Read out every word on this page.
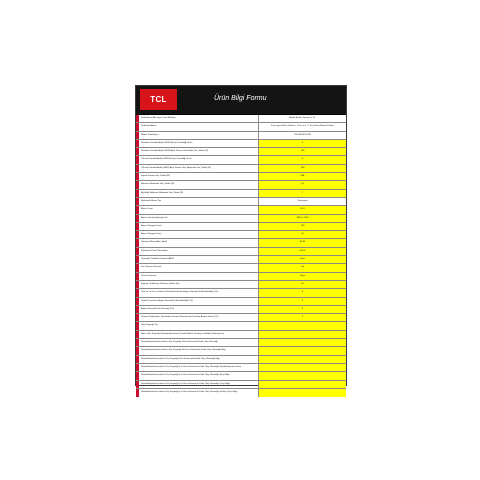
TCL	Ürün Bilgi Formu
Tedarikçinin Adı veya Ticari Markası	Blabla Elektr. Sanayi ve Tic.
Tedarikçi Adresi	Fevzi paşa Mah. Mobil tic. Cad. no:1 / 1 Kat, Baraj Bilmek Fikirler
Model Tanımlayıcı	55C845 MUZ-M1
Standart Dinamik Aralık (SDR) Enerji Verimliliği Sınıfı	F
Standart Dinamik Aralık (SDR) Açık Durum Güç Modu Güç Talebi (W)	108
Yüksek Dinamik Aralık (HDR) Enerji Verimliliği Sınıfı	G
Yüksek Dinamik Aralık (HDR) Açık Durum Güç Modunda Güç Talebi (W)	189
Kapalı Konum Güç Talebi (W)	N/A
Bekleme Modunda Güç Talebi (W)	0,5
Ağ Bağlı Bekleme Modunda Güç Talebi (W)	2
Elektronik Ekran Tipi	Televizyon
Ekran Oranı	16:9
Ekran Çözünürlüğü (piksel)	3840 x 2160
Ekran Köşegeni (cm)	139
Ekran Köşegeni (inç)	55
Görünen Ekran Alanı (dm²)	82,86
Kullanılan Panel Teknolojisi	QLED
Otomatik Parlaklık Kontrolü (ABC)	Evet
Ses Tanıma Sensörü	Yok
Durum Sensörü	Hayır
İmgenin Yenilenme Frekansı (Hertz-Hz)	60
Yazılım ve Ürün Yazılımı Güncellemelerinin Asgari Garantili Kullanılabilirliği (Yıl)	8
Yedek Parçaların Asgari Garantili Kullanılabilirliği (Yıl)	8
Asgari Garantili Ürün Desteği (Yıl)	8
Cihazın Tedarikçiler Tarafından Garanti Kapsamında Sunulan Asgari Süresi (Yıl)	2
Güç Kaynağı Tipi
Harici Güç Kaynağı (Standartlaştırılmış Ürünle Birlikte Verilmişse Birlikte Kullanılması)
Standartlaştırılmamış Harici Güç Kaynağı Ürün Kutusunda Dahil Olup Olmadığı
Standartlaştırılmamış Harici Güç Kaynağı İle Ürün Kutusunda Dahil Olup Olmadığı Bilgi
Standartlaştırılmış Harici Güç Kaynağı Ürün Kutusunda Dahil Olup Olmadığı Bilgi
Standartlaştırılmış Harici Güç Kaynağı İçin Ürün Kutusunun Dahil Olup Olmadığı Standartlaştırma Girişi
Standartlaştırılmış Harici Güç Kaynağı İçin Ürün Kutusunun Dahil Olup Olmadığı Girişi Bilgi
Standartlaştırılmış Harici Güç Kaynağı İçin Ürün Kutusunun Dahil Olup Olmadığı Çıkışı Bilgi
Standartlaştırılmış Harici Güç Kaynağı İçin Ürün Kutusunun Dahil Olup Olmadığı Gerilim Çıkışı Bilgi
